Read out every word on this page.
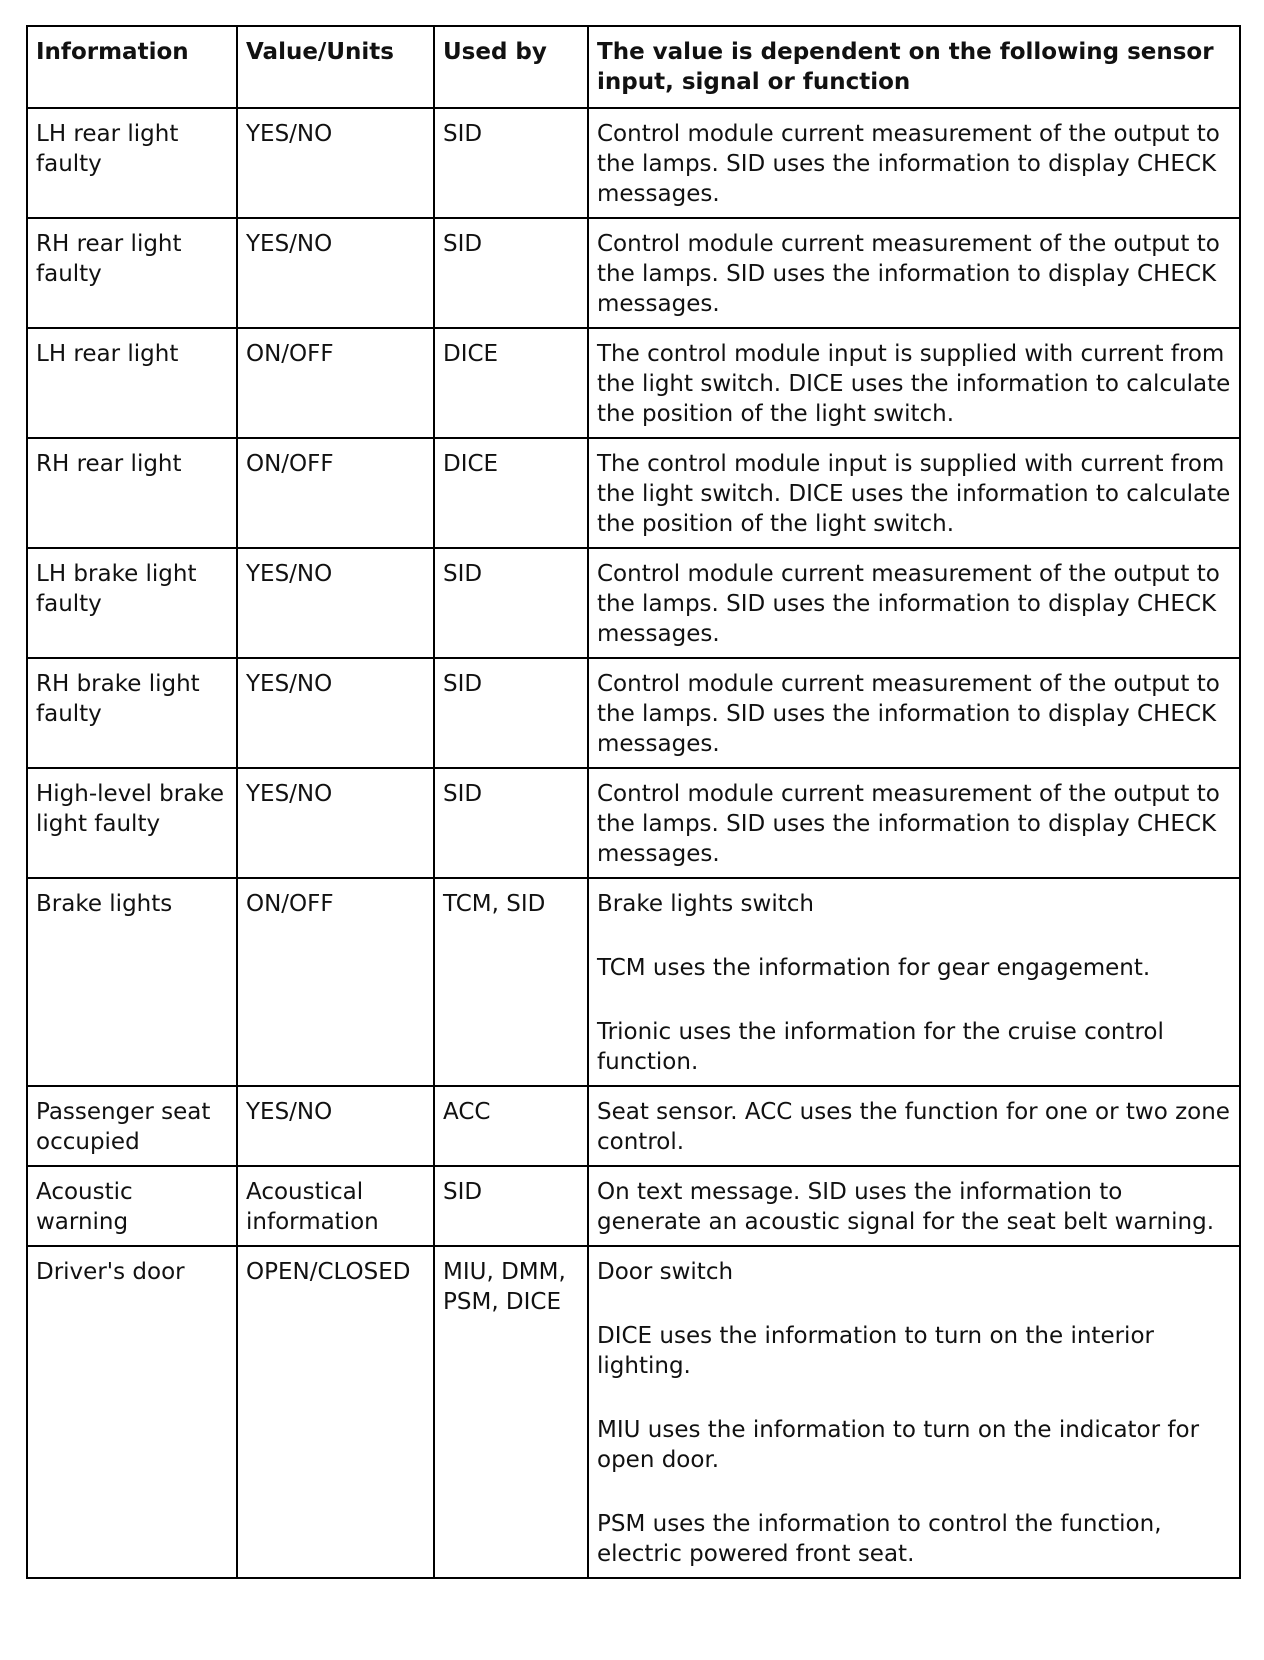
Information	Value/Units	Used by	The value is dependent on the following sensor input, signal or function
LH rear light faulty	YES/NO	SID	Control module current measurement of the output to the lamps. SID uses the information to display CHECK messages.

RH rear light faulty	YES/NO	SID	Control module current measurement of the output to the lamps. SID uses the information to display CHECK messages.

LH rear light	ON/OFF	DICE	The control module input is supplied with current from the light switch. DICE uses the information to calculate the position of the light switch.

RH rear light	ON/OFF	DICE	The control module input is supplied with current from the light switch. DICE uses the information to calculate the position of the light switch.

LH brake light faulty	YES/NO	SID	Control module current measurement of the output to the lamps. SID uses the information to display CHECK messages.

RH brake light faulty	YES/NO	SID	Control module current measurement of the output to the lamps. SID uses the information to display CHECK messages.

High-level brake light faulty	YES/NO	SID	Control module current measurement of the output to the lamps. SID uses the information to display CHECK messages.

Brake lights	ON/OFF	TCM, SID	Brake lights switch
TCM uses the information for gear engagement.
Trionic uses the information for the cruise control function.

Passenger seat occupied	YES/NO	ACC	Seat sensor. ACC uses the function for one or two zone control.

Acoustic warning	Acoustical information	SID	On text message. SID uses the information to generate an acoustic signal for the seat belt warning.

Driver's door	OPEN/CLOSED	MIU, DMM, PSM, DICE	Door switch
DICE uses the information to turn on the interior lighting.
MIU uses the information to turn on the indicator for open door.
PSM uses the information to control the function, electric powered front seat.
